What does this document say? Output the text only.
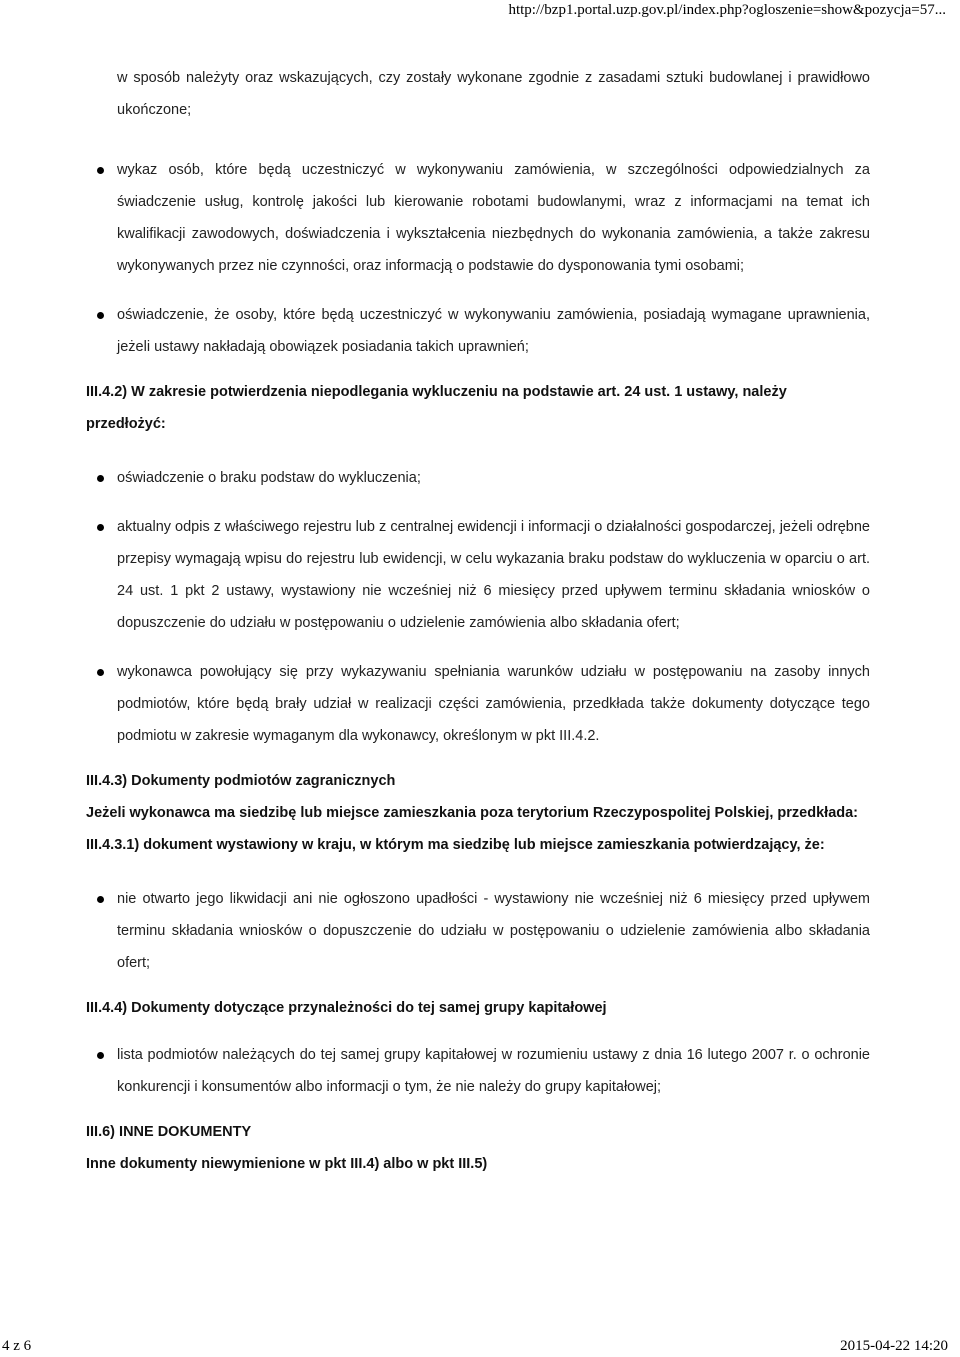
http://bzp1.portal.uzp.gov.pl/index.php?ogloszenie=show&pozycja=57...

w sposób należyty oraz wskazujących, czy zostały wykonane zgodnie z zasadami sztuki budowlanej i prawidłowo ukończone;

wykaz osób, które będą uczestniczyć w wykonywaniu zamówienia, w szczególności odpowiedzialnych za świadczenie usług, kontrolę jakości lub kierowanie robotami budowlanymi, wraz z informacjami na temat ich kwalifikacji zawodowych, doświadczenia i wykształcenia niezbędnych do wykonania zamówienia, a także zakresu wykonywanych przez nie czynności, oraz informacją o podstawie do dysponowania tymi osobami;
oświadczenie, że osoby, które będą uczestniczyć w wykonywaniu zamówienia, posiadają wymagane uprawnienia, jeżeli ustawy nakładają obowiązek posiadania takich uprawnień;

III.4.2) W zakresie potwierdzenia niepodlegania wykluczeniu na podstawie art. 24 ust. 1 ustawy, należy przedłożyć:

oświadczenie o braku podstaw do wykluczenia;
aktualny odpis z właściwego rejestru lub z centralnej ewidencji i informacji o działalności gospodarczej, jeżeli odrębne przepisy wymagają wpisu do rejestru lub ewidencji, w celu wykazania braku podstaw do wykluczenia w oparciu o art. 24 ust. 1 pkt 2 ustawy, wystawiony nie wcześniej niż 6 miesięcy przed upływem terminu składania wniosków o dopuszczenie do udziału w postępowaniu o udzielenie zamówienia albo składania ofert;
wykonawca powołujący się przy wykazywaniu spełniania warunków udziału w postępowaniu na zasoby innych podmiotów, które będą brały udział w realizacji części zamówienia, przedkłada także dokumenty dotyczące tego podmiotu w zakresie wymaganym dla wykonawcy, określonym w pkt III.4.2.

III.4.3) Dokumenty podmiotów zagranicznych

Jeżeli wykonawca ma siedzibę lub miejsce zamieszkania poza terytorium Rzeczypospolitej Polskiej, przedkłada:

III.4.3.1) dokument wystawiony w kraju, w którym ma siedzibę lub miejsce zamieszkania potwierdzający, że:

nie otwarto jego likwidacji ani nie ogłoszono upadłości - wystawiony nie wcześniej niż 6 miesięcy przed upływem terminu składania wniosków o dopuszczenie do udziału w postępowaniu o udzielenie zamówienia albo składania ofert;

III.4.4) Dokumenty dotyczące przynależności do tej samej grupy kapitałowej

lista podmiotów należących do tej samej grupy kapitałowej w rozumieniu ustawy z dnia 16 lutego 2007 r. o ochronie konkurencji i konsumentów albo informacji o tym, że nie należy do grupy kapitałowej;

III.6) INNE DOKUMENTY

Inne dokumenty niewymienione w pkt III.4) albo w pkt III.5)

4 z 6	2015-04-22 14:20
